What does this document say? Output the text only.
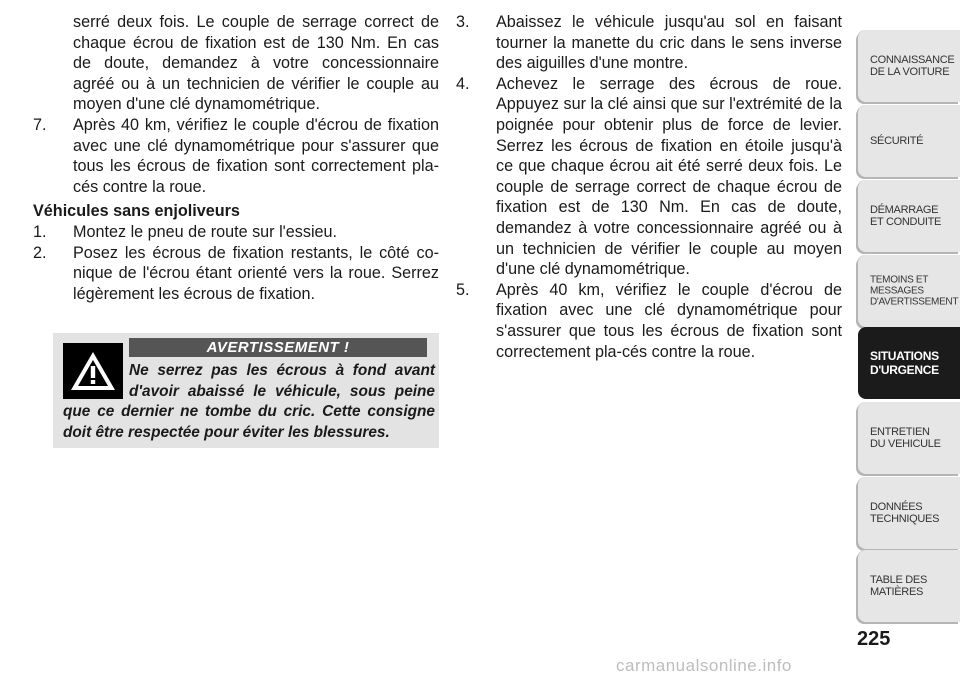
serré deux fois. Le couple de serrage correct de chaque écrou de fixation est de 130 Nm. En cas de doute, demandez à votre concessionnaire agréé ou à un technicien de vérifier le couple au moyen d'une clé dynamométrique.

7. Après 40 km, vérifiez le couple d'écrou de fixation avec une clé dynamométrique pour s'assurer que tous les écrous de fixation sont correctement pla-cés contre la roue.
Véhicules sans enjoliveurs
1. Montez le pneu de route sur l'essieu.
2. Posez les écrous de fixation restants, le côté co-nique de l'écrou étant orienté vers la roue. Serrez légèrement les écrous de fixation.
AVERTISSEMENT !
Ne serrez pas les écrous à fond avant d'avoir abaissé le véhicule, sous peine que ce dernier ne tombe du cric. Cette consigne doit être respectée pour éviter les blessures.
3. Abaissez le véhicule jusqu'au sol en faisant tourner la manette du cric dans le sens inverse des aiguilles d'une montre.
4. Achevez le serrage des écrous de roue. Appuyez sur la clé ainsi que sur l'extrémité de la poignée pour obtenir plus de force de levier. Serrez les écrous de fixation en étoile jusqu'à ce que chaque écrou ait été serré deux fois. Le couple de serrage correct de chaque écrou de fixation est de 130 Nm. En cas de doute, demandez à votre concessionnaire agréé ou à un technicien de vérifier le couple au moyen d'une clé dynamométrique.
5. Après 40 km, vérifiez le couple d'écrou de fixation avec une clé dynamométrique pour s'assurer que tous les écrous de fixation sont correctement pla-cés contre la roue.
CONNAISSANCE
DE LA VOITURE
SÉCURITÉ
DÉMARRAGE
ET CONDUITE
TEMOINS ET
MESSAGES
D'AVERTISSEMENT
SITUATIONS
D'URGENCE
ENTRETIEN
DU VEHICULE
DONNÉES
TECHNIQUES
TABLE DES
MATIÈRES
225
carmanualsonline.info
